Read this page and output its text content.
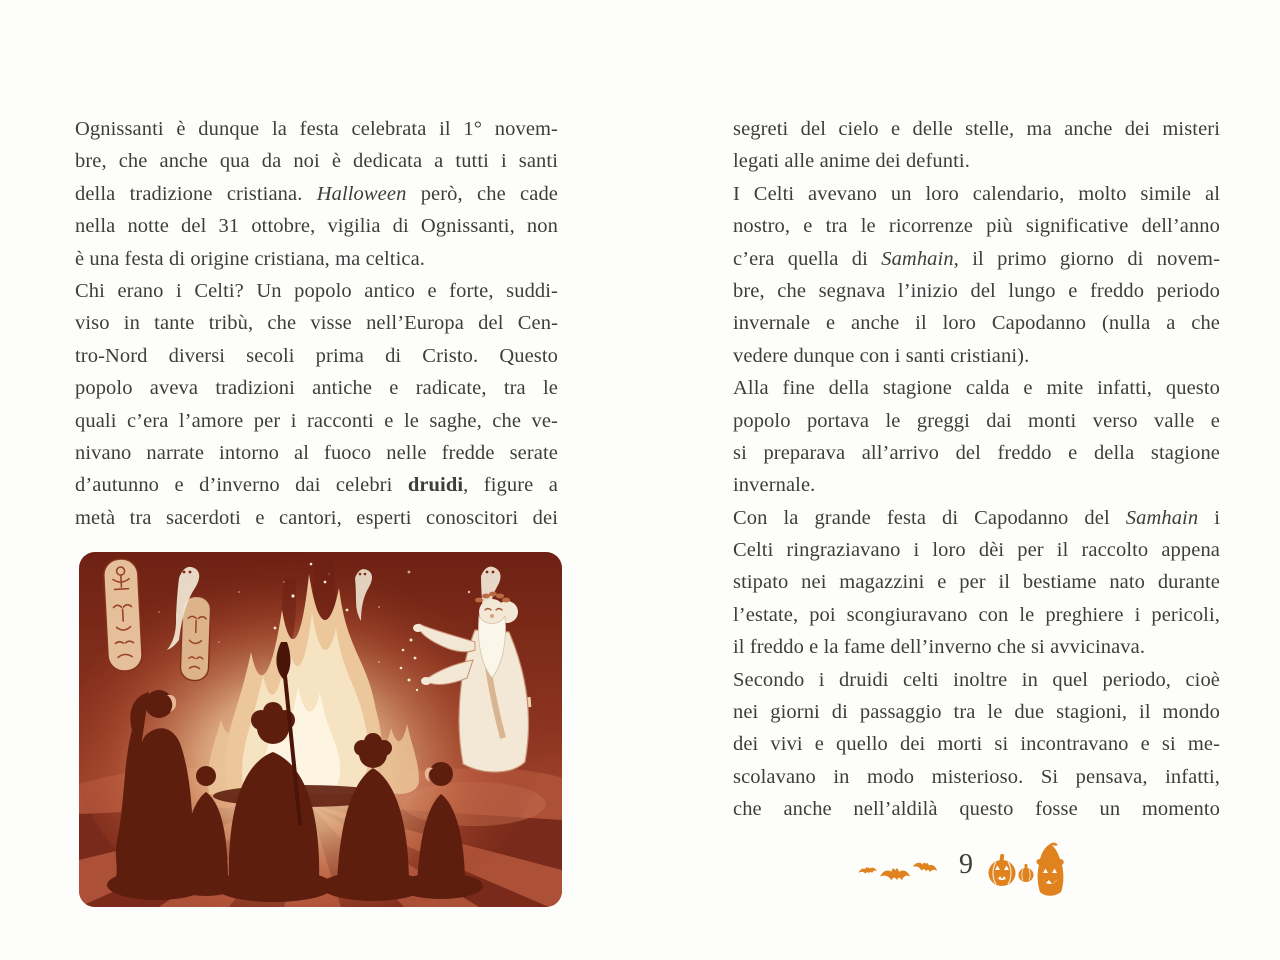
Ognissanti è dunque la festa celebrata il 1° novem-
bre, che anche qua da noi è dedicata a tutti i santi
della tradizione cristiana. Halloween però, che cade
nella notte del 31 ottobre, vigilia di Ognissanti, non
è una festa di origine cristiana, ma celtica.
Chi erano i Celti? Un popolo antico e forte, suddi-
viso in tante tribù, che visse nell’Europa del Cen-
tro-Nord diversi secoli prima di Cristo. Questo
popolo aveva tradizioni antiche e radicate, tra le
quali c’era l’amore per i racconti e le saghe, che ve-
nivano narrate intorno al fuoco nelle fredde serate
d’autunno e d’inverno dai celebri druidi, figure a
metà tra sacerdoti e cantori, esperti conoscitori dei
segreti del cielo e delle stelle, ma anche dei misteri
legati alle anime dei defunti.
I Celti avevano un loro calendario, molto simile al
nostro, e tra le ricorrenze più significative dell’anno
c’era quella di Samhain, il primo giorno di novem-
bre, che segnava l’inizio del lungo e freddo periodo
invernale e anche il loro Capodanno (nulla a che
vedere dunque con i santi cristiani).
Alla fine della stagione calda e mite infatti, questo
popolo portava le greggi dai monti verso valle e
si preparava all’arrivo del freddo e della stagione
invernale.
Con la grande festa di Capodanno del Samhain i
Celti ringraziavano i loro dèi per il raccolto appena
stipato nei magazzini e per il bestiame nato durante
l’estate, poi scongiuravano con le preghiere i pericoli,
il freddo e la fame dell’inverno che si avvicinava.
Secondo i druidi celti inoltre in quel periodo, cioè
nei giorni di passaggio tra le due stagioni, il mondo
dei vivi e quello dei morti si incontravano e si me-
scolavano in modo misterioso. Si pensava, infatti,
che anche nell’aldilà questo fosse un momento
9
